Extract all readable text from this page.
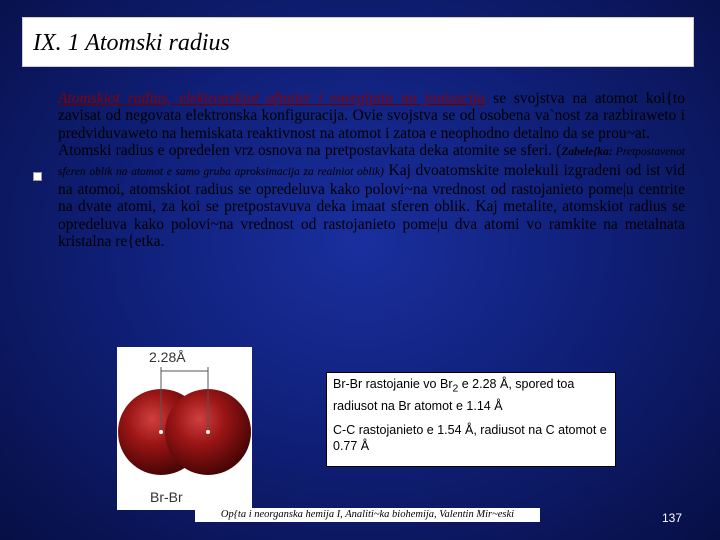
IX. 1 Atomski radius

Atomskiot radius, elektronskiot afinitet i energijata na jonizacija se svojstva na atomot koi{to zavisat od negovata elektronska konfiguracija. Ovie svojstva se od osobena va`nost za razbiraweto i predviduvaweto na hemiskata reaktivnost na atomot i zatoa e neophodno detalno da se prou~at.

Atomski radius e opredelen vrz osnova na pretpostavkata deka atomite se sferi. (Zabele{ka: Pretpostavenot sferen oblik na atomot e samo gruba aproksimacija za realniot oblik) Kaj dvoatomskite molekuli izgradeni od ist vid na atomoi, atomskiot radius se opredeluva kako polovi~na vrednost od rastojanieto pome|u centrite na dvate atomi, za koi se pretpostavuva deka imaat sferen oblik. Kaj metalite, atomskiot radius se opredeluva kako polovi~na vrednost od rastojanieto pome|u dva atomi vo ramkite na metalnata kristalna re{etka.

2.28Å
Br-Br

Br-Br rastojanie vo $Br_2$ e 2.28 Å, spored toa radiusot na Br atomot e 1.14 Å

C-C rastojanieto e 1.54 Å, radiusot na C atomot e 0.77 Å

Op{ta i neorganska hemija I, Analiti~ka biohemija, Valentin Mir~eski	137
